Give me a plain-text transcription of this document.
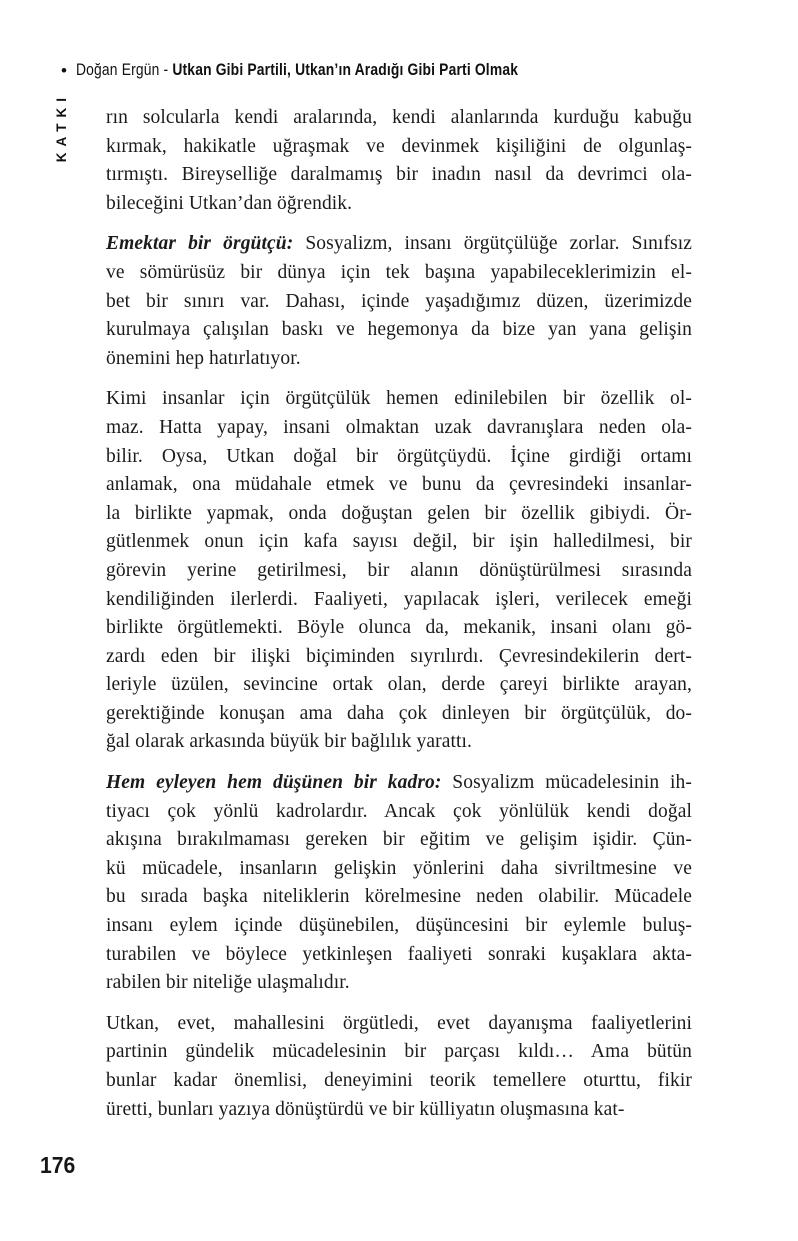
• Doğan Ergün - Utkan Gibi Partili, Utkan’ın Aradığı Gibi Parti Olmak
KATKI rın solcularla kendi aralarında, kendi alanlarında kurduğu kabuğu
kırmak, hakikatle uğraşmak ve devinmek kişiliğini de olgunlaş-
tırmıştı. Bireyselliğe daralmamış bir inadın nasıl da devrimci ola-
bileceğini Utkan’dan öğrendik.
Emektar bir örgütçü: Sosyalizm, insanı örgütçülüğe zorlar. Sınıfsız
ve sömürüsüz bir dünya için tek başına yapabileceklerimizin el-
bet bir sınırı var. Dahası, içinde yaşadığımız düzen, üzerimizde
kurulmaya çalışılan baskı ve hegemonya da bize yan yana gelişin
önemini hep hatırlatıyor.
Kimi insanlar için örgütçülük hemen edinilebilen bir özellik ol-
maz. Hatta yapay, insani olmaktan uzak davranışlara neden ola-
bilir. Oysa, Utkan doğal bir örgütçüydü. İçine girdiği ortamı
anlamak, ona müdahale etmek ve bunu da çevresindeki insanlar-
la birlikte yapmak, onda doğuştan gelen bir özellik gibiydi. Ör-
gütlenmek onun için kafa sayısı değil, bir işin halledilmesi, bir
görevin yerine getirilmesi, bir alanın dönüştürülmesi sırasında
kendiliğinden ilerlerdi. Faaliyeti, yapılacak işleri, verilecek emeği
birlikte örgütlemekti. Böyle olunca da, mekanik, insani olanı gö-
zardı eden bir ilişki biçiminden sıyrılırdı. Çevresindekilerin dert-
leriyle üzülen, sevincine ortak olan, derde çareyi birlikte arayan,
gerektiğinde konuşan ama daha çok dinleyen bir örgütçülük, do-
ğal olarak arkasında büyük bir bağlılık yarattı.
Hem eyleyen hem düşünen bir kadro: Sosyalizm mücadelesinin ih-
tiyacı çok yönlü kadrolardır. Ancak çok yönlülük kendi doğal
akışına bırakılmaması gereken bir eğitim ve gelişim işidir. Çün-
kü mücadele, insanların gelişkin yönlerini daha sivriltmesine ve
bu sırada başka niteliklerin körelmesine neden olabilir. Mücadele
insanı eylem içinde düşünebilen, düşüncesini bir eylemle buluş-
turabilen ve böylece yetkinleşen faaliyeti sonraki kuşaklara akta-
rabilen bir niteliğe ulaşmalıdır.
Utkan, evet, mahallesini örgütledi, evet dayanışma faaliyetlerini
partinin gündelik mücadelesinin bir parçası kıldı… Ama bütün
bunlar kadar önemlisi, deneyimini teorik temellere oturttu, fikir
üretti, bunları yazıya dönüştürdü ve bir külliyatın oluşmasına kat-
176
